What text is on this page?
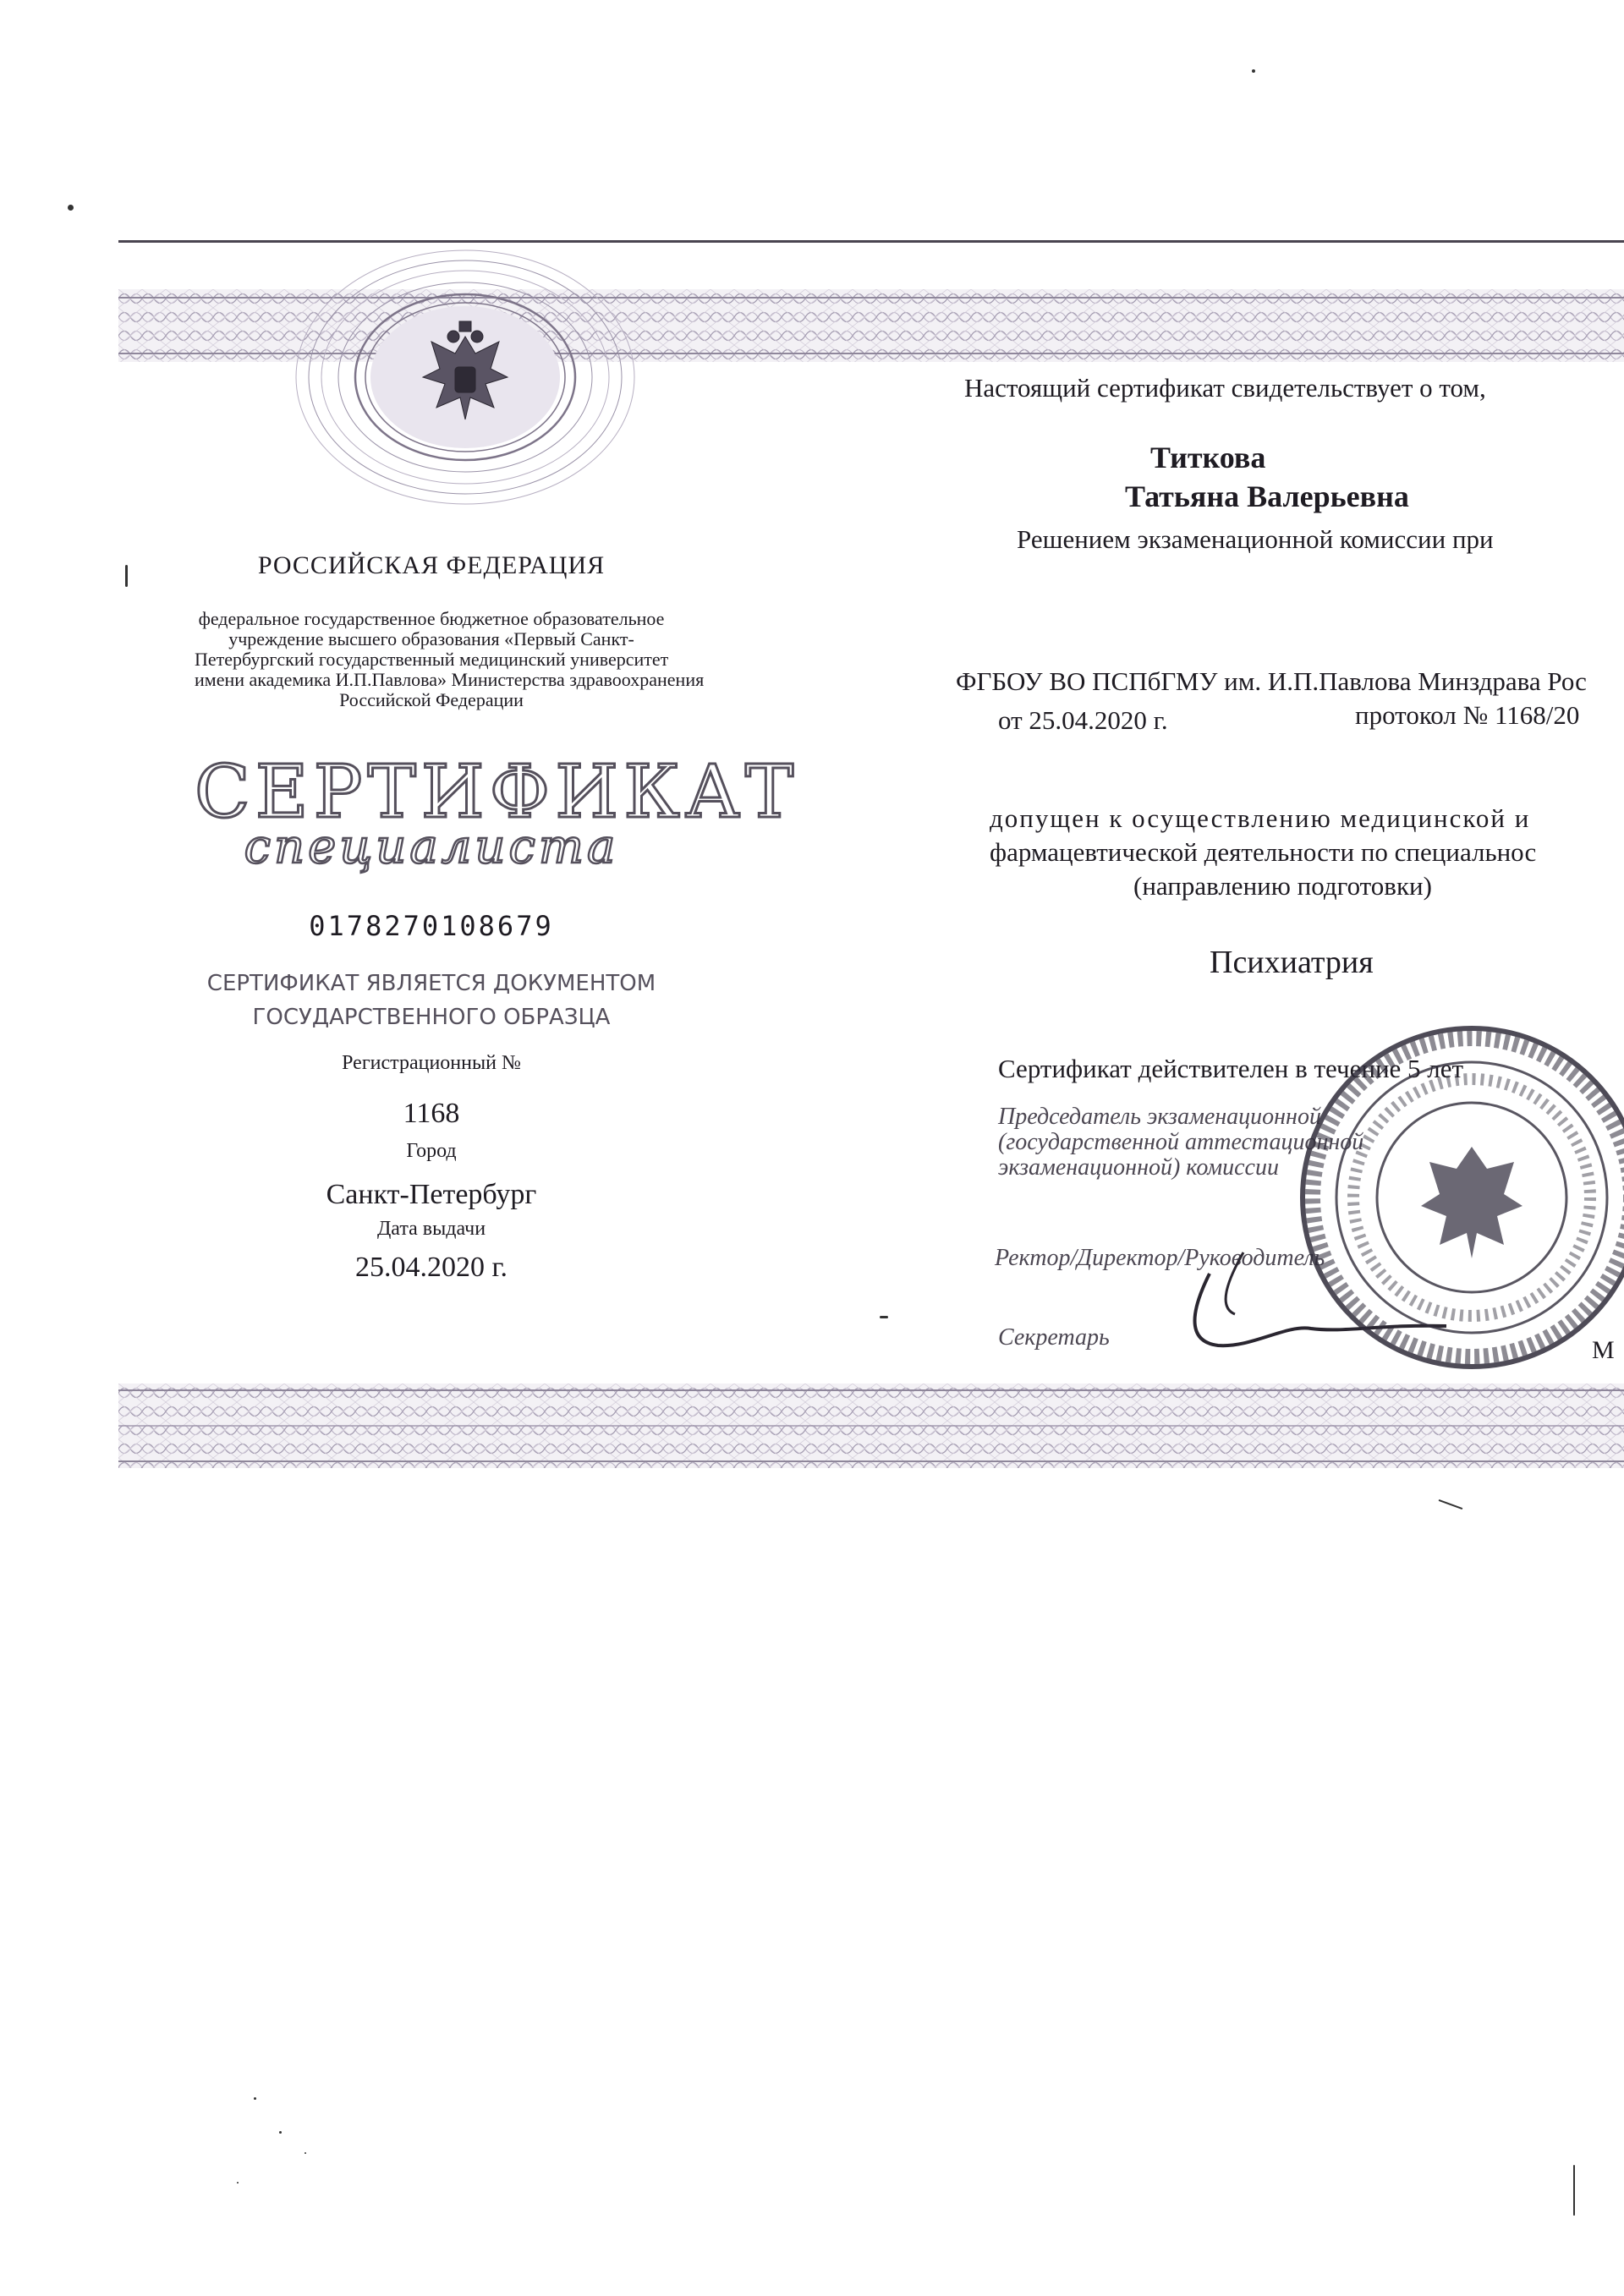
РОССИЙСКАЯ ФЕДЕРАЦИЯ
федеральное государственное бюджетное образовательное
учреждение высшего образования «Первый Санкт-
Петербургский государственный медицинский университет
имени академика И.П.Павлова» Министерства здравоохранения
Российской Федерации
СЕРТИФИКАТ
специалиста
0178270108679
СЕРТИФИКАТ ЯВЛЯЕТСЯ ДОКУМЕНТОМ
ГОСУДАРСТВЕННОГО ОБРАЗЦА
Регистрационный №
1168
Город
Санкт-Петербург
Дата выдачи
25.04.2020 г.
Настоящий сертификат свидетельствует о том,
Титкова
Татьяна Валерьевна
Решением экзаменационной комиссии при
ФГБОУ ВО ПСПбГМУ им. И.П.Павлова Минздрава Рос
от 25.04.2020 г.	протокол № 1168/20
допущен к осуществлению медицинской и
фармацевтической деятельности по специальнос
(направлению подготовки)
Психиатрия
Сертификат действителен в течение 5 лет
Председатель экзаменационной
(государственной аттестационной
экзаменационной) комиссии
Ректор/Директор/Руководитель
Секретарь	М
